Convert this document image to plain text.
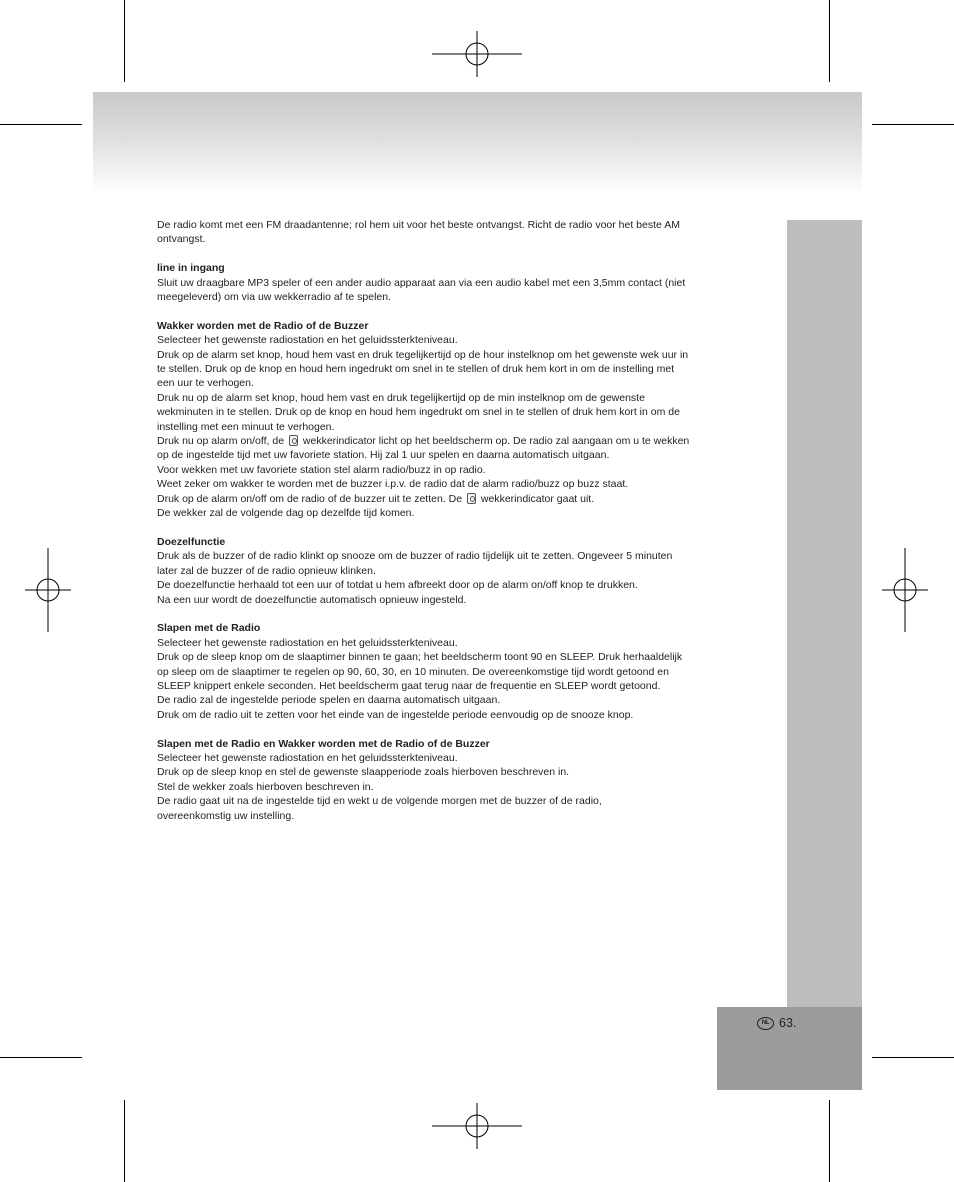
NL 63.

De radio komt met een FM draadantenne; rol hem uit voor het beste ontvangst. Richt de radio voor het beste AM

ontvangst.

line in ingang

Sluit uw draagbare MP3 speler of een ander audio apparaat aan via een audio kabel met een 3,5mm contact (niet

meegeleverd) om via uw wekkerradio af te spelen.

Wakker worden met de Radio of de Buzzer

Selecteer het gewenste radiostation en het geluidssterkteniveau.

Druk op de alarm set knop, houd hem vast en druk tegelijkertijd op de hour instelknop om het gewenste wek uur in

te stellen. Druk op de knop en houd hem ingedrukt om snel in te stellen of druk hem kort in om de instelling met

een uur te verhogen.

Druk nu op de alarm set knop, houd hem vast en druk tegelijkertijd op de min instelknop om de gewenste

wekminuten in te stellen. Druk op de knop en houd hem ingedrukt om snel in te stellen of druk hem kort in om de

instelling met een minuut te verhogen.

Druk nu op alarm on/off, de wekkerindicator licht op het beeldscherm op. De radio zal aangaan om u te wekken

op de ingestelde tijd met uw favoriete station. Hij zal 1 uur spelen en daarna automatisch uitgaan.

Voor wekken met uw favoriete station stel alarm radio/buzz in op radio.

Weet zeker om wakker te worden met de buzzer i.p.v. de radio dat de alarm radio/buzz op buzz staat.

Druk op de alarm on/off om de radio of de buzzer uit te zetten. De wekkerindicator gaat uit.

De wekker zal de volgende dag op dezelfde tijd komen.

Doezelfunctie

Druk als de buzzer of de radio klinkt op snooze om de buzzer of radio tijdelijk uit te zetten. Ongeveer 5 minuten

later zal de buzzer of de radio opnieuw klinken.

De doezelfunctie herhaald tot een uur of totdat u hem afbreekt door op de alarm on/off knop te drukken.

Na een uur wordt de doezelfunctie automatisch opnieuw ingesteld.

Slapen met de Radio

Selecteer het gewenste radiostation en het geluidssterkteniveau.

Druk op de sleep knop om de slaaptimer binnen te gaan; het beeldscherm toont 90 en SLEEP. Druk herhaaldelijk

op sleep om de slaaptimer te regelen op 90, 60, 30, en 10 minuten. De overeenkomstige tijd wordt getoond en

SLEEP knippert enkele seconden. Het beeldscherm gaat terug naar de frequentie en SLEEP wordt getoond.

De radio zal de ingestelde periode spelen en daarna automatisch uitgaan.

Druk om de radio uit te zetten voor het einde van de ingestelde periode eenvoudig op de snooze knop.

Slapen met de Radio en Wakker worden met de Radio of de Buzzer

Selecteer het gewenste radiostation en het geluidssterkteniveau.

Druk op de sleep knop en stel de gewenste slaapperiode zoals hierboven beschreven in.

Stel de wekker zoals hierboven beschreven in.

De radio gaat uit na de ingestelde tijd en wekt u de volgende morgen met de buzzer of de radio,

overeenkomstig uw instelling.
